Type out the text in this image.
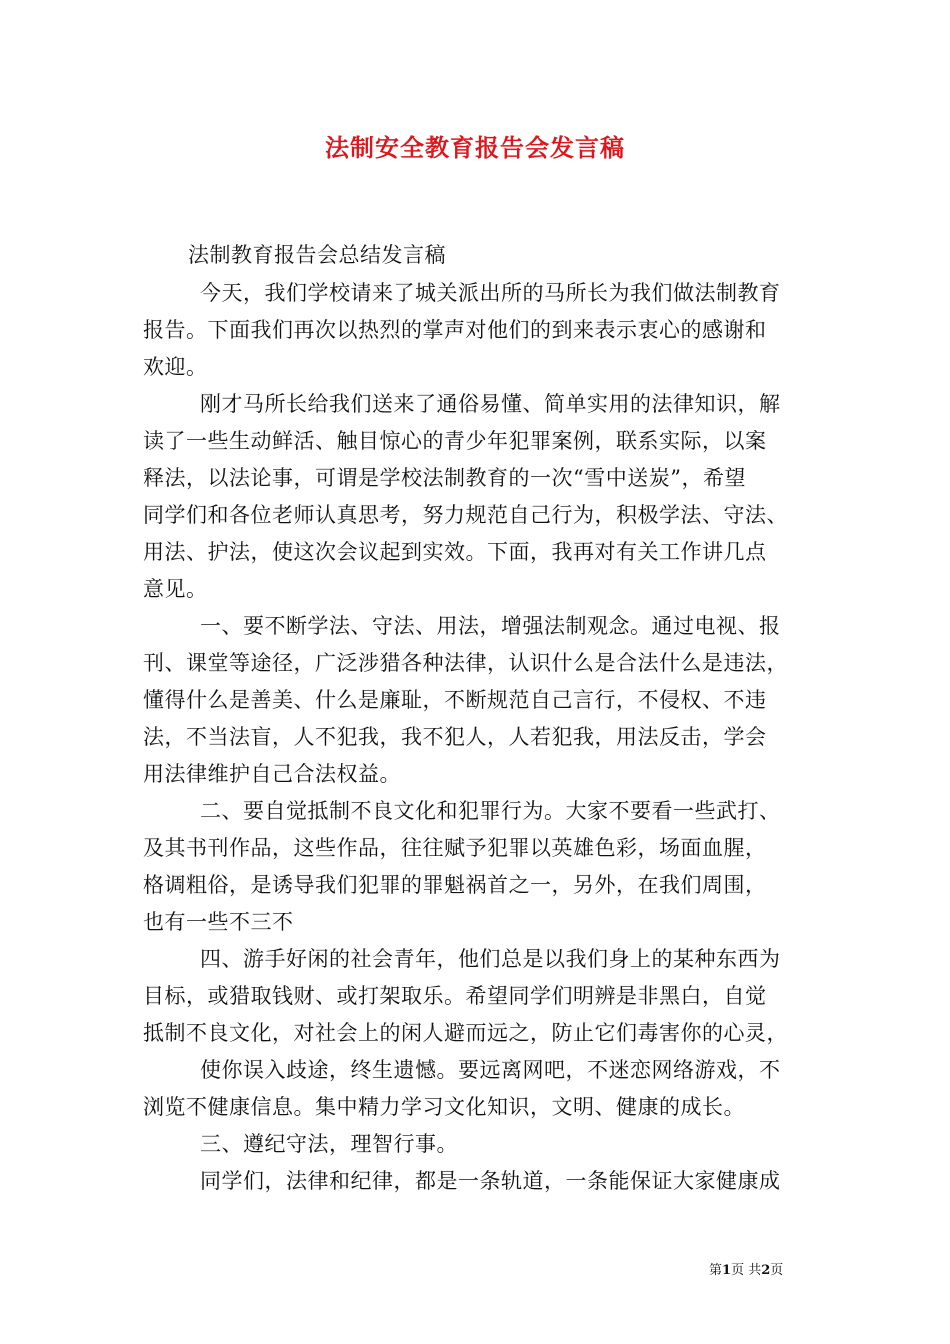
法制安全教育报告会发言稿
法制教育报告会总结发言稿
今天，我们学校请来了城关派出所的马所长为我们做法制教育
报告。下面我们再次以热烈的掌声对他们的到来表示衷心的感谢和
欢迎。
刚才马所长给我们送来了通俗易懂、简单实用的法律知识，解
读了一些生动鲜活、触目惊心的青少年犯罪案例，联系实际，以案
释法，以法论事，可谓是学校法制教育的一次“雪中送炭”，希望
同学们和各位老师认真思考，努力规范自己行为，积极学法、守法、
用法、护法，使这次会议起到实效。下面，我再对有关工作讲几点
意见。
一、要不断学法、守法、用法，增强法制观念。通过电视、报
刊、课堂等途径，广泛涉猎各种法律，认识什么是合法什么是违法，
懂得什么是善美、什么是廉耻，不断规范自己言行，不侵权、不违
法，不当法盲，人不犯我，我不犯人，人若犯我，用法反击，学会
用法律维护自己合法权益。
二、要自觉抵制不良文化和犯罪行为。大家不要看一些武打、
及其书刊作品，这些作品，往往赋予犯罪以英雄色彩，场面血腥，
格调粗俗，是诱导我们犯罪的罪魁祸首之一，另外，在我们周围，
也有一些不三不
四、游手好闲的社会青年，他们总是以我们身上的某种东西为
目标，或猎取钱财、或打架取乐。希望同学们明辨是非黑白，自觉
抵制不良文化，对社会上的闲人避而远之，防止它们毒害你的心灵，
使你误入歧途，终生遗憾。要远离网吧，不迷恋网络游戏，不
浏览不健康信息。集中精力学习文化知识，文明、健康的成长。
三、遵纪守法，理智行事。
同学们，法律和纪律，都是一条轨道，一条能保证大家健康成
第1页 共2页
